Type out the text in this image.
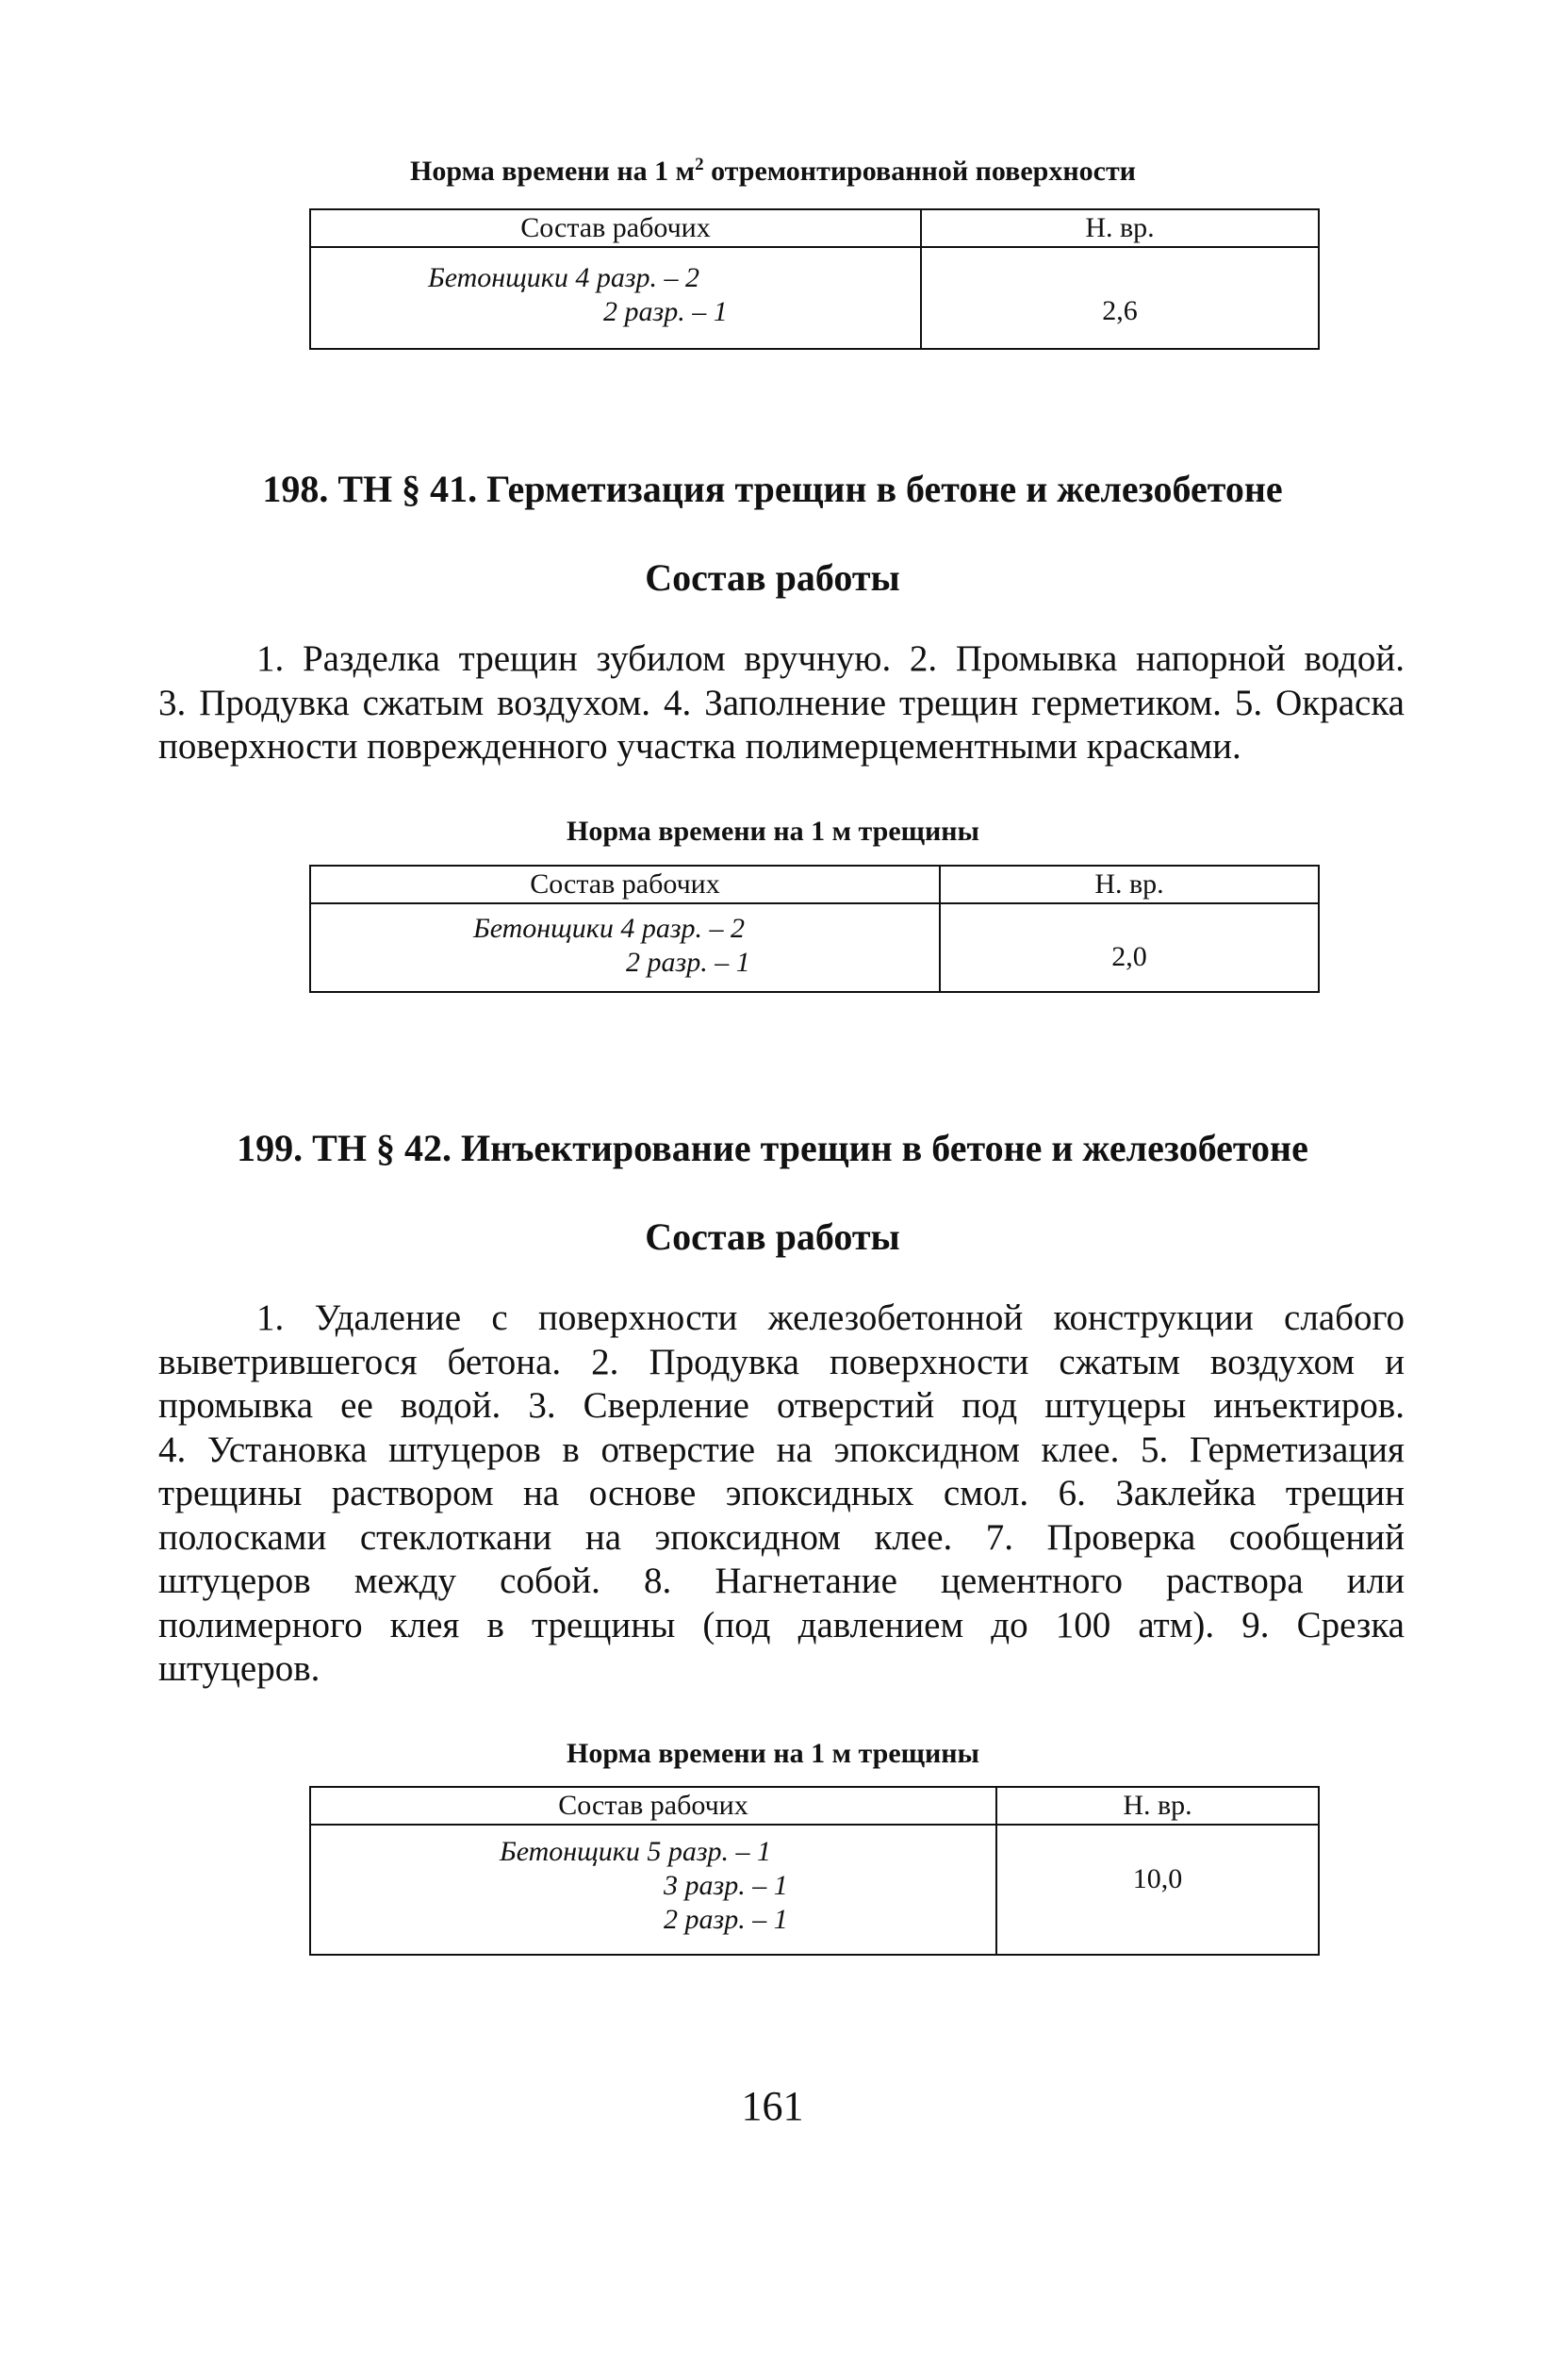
Норма времени на 1 $м^2$ отремонтированной поверхности
Состав рабочих	Н. вр.

Бетонщики 4 разр. – 2
2 разр. – 1	2,6
198. ТН § 41. Герметизация трещин в бетоне и железобетоне
Состав работы
1. Разделка трещин зубилом вручную. 2. Промывка напорной водой.
3. Продувка сжатым воздухом. 4. Заполнение трещин герметиком. 5. Окраска
поверхности поврежденного участка полимерцементными красками.
Норма времени на 1 м трещины
Состав рабочих	Н. вр.

Бетонщики 4 разр. – 2
2 разр. – 1	2,0
199. ТН § 42. Инъектирование трещин в бетоне и железобетоне
Состав работы
1. Удаление с поверхности железобетонной конструкции слабого
выветрившегося бетона. 2. Продувка поверхности сжатым воздухом и
промывка ее водой. 3. Сверление отверстий под штуцеры инъектиров.
4. Установка штуцеров в отверстие на эпоксидном клее. 5. Герметизация
трещины раствором на основе эпоксидных смол. 6. Заклейка трещин
полосками стеклоткани на эпоксидном клее. 7. Проверка сообщений
штуцеров между собой. 8. Нагнетание цементного раствора или
полимерного клея в трещины (под давлением до 100 атм). 9. Срезка
штуцеров.
Норма времени на 1 м трещины
Состав рабочих	Н. вр.

Бетонщики 5 разр. – 1
3 разр. – 1
2 разр. – 1	10,0
161
